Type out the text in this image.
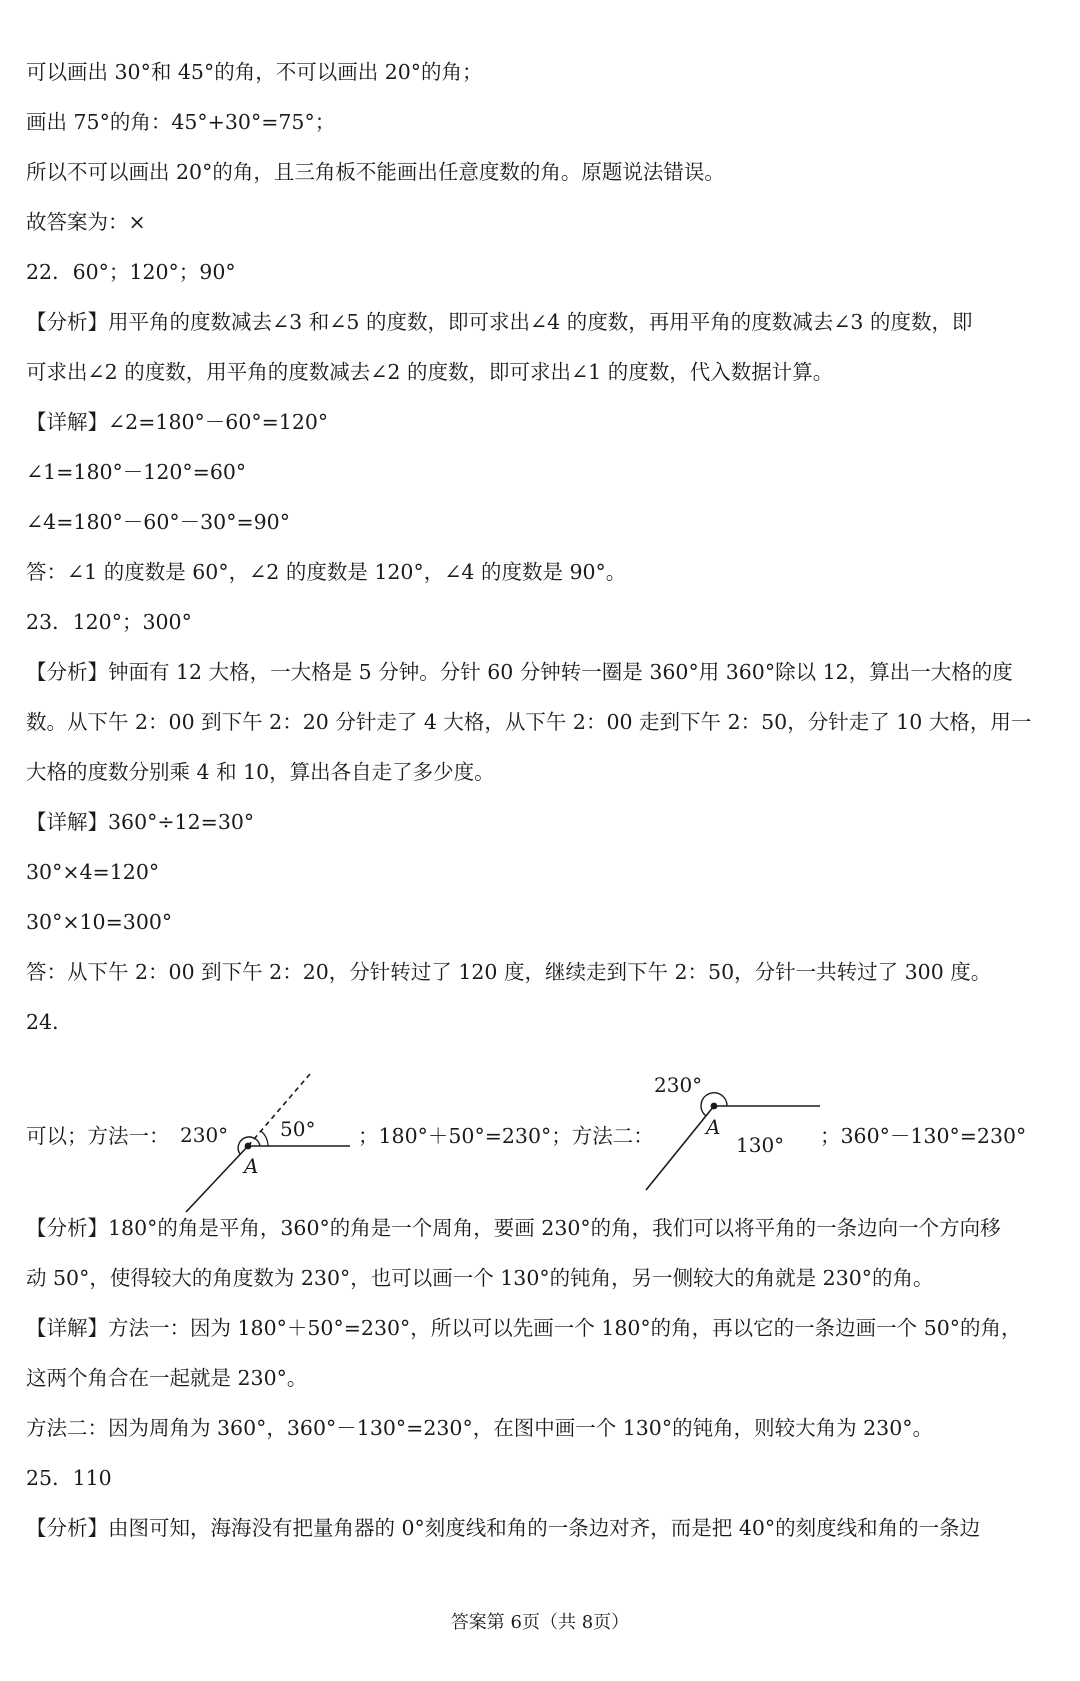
可以画出 30°和 45°的角，不可以画出 20°的角；
画出 75°的角：45°+30°=75°；
所以不可以画出 20°的角，且三角板不能画出任意度数的角。原题说法错误。
故答案为：×
22．60°；120°；90°
【分析】用平角的度数减去∠3 和∠5 的度数，即可求出∠4 的度数，再用平角的度数减去∠3 的度数，即
可求出∠2 的度数，用平角的度数减去∠2 的度数，即可求出∠1 的度数，代入数据计算。
【详解】∠2=180°－60°=120°
∠1=180°－120°=60°
∠4=180°－60°－30°=90°
答：∠1 的度数是 60°，∠2 的度数是 120°，∠4 的度数是 90°。
23．120°；300°
【分析】钟面有 12 大格，一大格是 5 分钟。分针 60 分钟转一圈是 360°用 360°除以 12，算出一大格的度
数。从下午 2：00 到下午 2：20 分针走了 4 大格，从下午 2：00 走到下午 2：50，分针走了 10 大格，用一
大格的度数分别乘 4 和 10，算出各自走了多少度。
【详解】360°÷12=30°
30°×4=120°
30°×10=300°
答：从下午 2：00 到下午 2：20，分针转过了 120 度，继续走到下午 2：50，分针一共转过了 300 度。
24．
可以；方法一： 230°	50°
A
；180°＋50°=230°；方法二：
230°
130°
A	；360°－130°=230°
【分析】180°的角是平角，360°的角是一个周角，要画 230°的角，我们可以将平角的一条边向一个方向移
动 50°，使得较大的角度数为 230°，也可以画一个 130°的钝角，另一侧较大的角就是 230°的角。
【详解】方法一：因为 180°＋50°=230°，所以可以先画一个 180°的角，再以它的一条边画一个 50°的角，
这两个角合在一起就是 230°。
方法二：因为周角为 360°，360°－130°=230°，在图中画一个 130°的钝角，则较大角为 230°。
25．110
【分析】由图可知，海海没有把量角器的 0°刻度线和角的一条边对齐，而是把 40°的刻度线和角的一条边
答案第 6页（共 8页）
